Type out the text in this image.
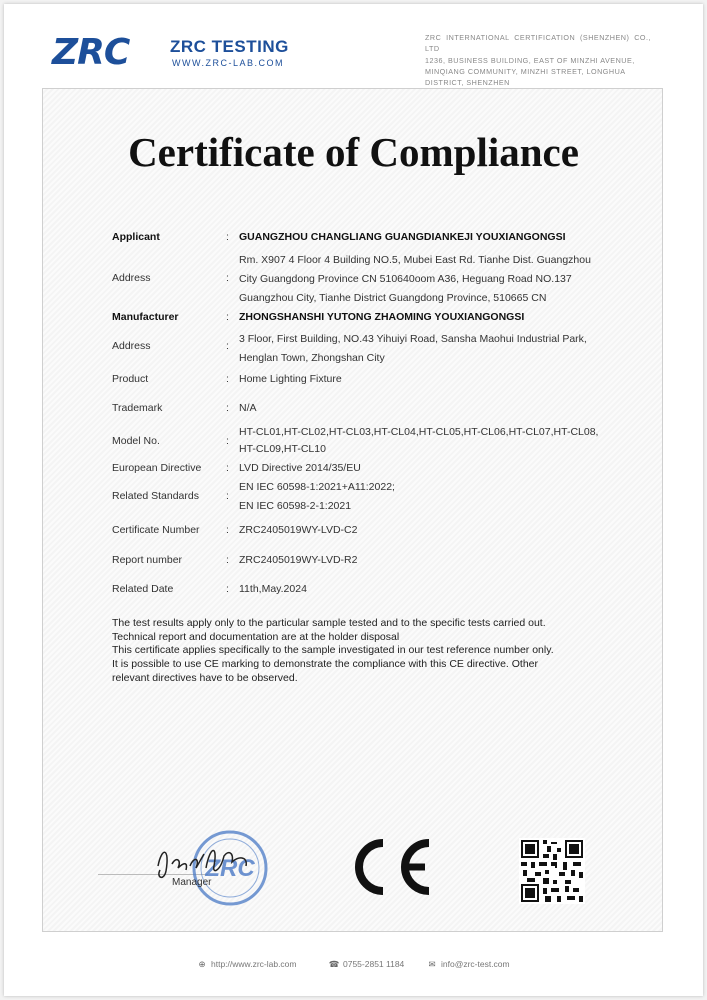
ZRC ZRC TESTING
WWW.ZRC-LAB.COM
ZRC INTERNATIONAL CERTIFICATION (SHENZHEN) CO., LTD
1236, BUSINESS BUILDING, EAST OF MINZHI AVENUE,
MINQIANG COMMUNITY, MINZHI STREET, LONGHUA
DISTRICT, SHENZHEN
Certificate of Compliance
Applicant	: GUANGZHOU CHANGLIANG GUANGDIANKEJI YOUXIANGONGSI
Address	:
Rm. X907 4 Floor 4 Building NO.5, Mubei East Rd. Tianhe Dist. Guangzhou
City Guangdong Province CN 510640oom A36, Heguang Road NO.137
Guangzhou City, Tianhe District Guangdong Province, 510665 CN
Manufacturer	: ZHONGSHANSHI YUTONG ZHAOMING YOUXIANGONGSI
Address	:
3 Floor, First Building, NO.43 Yihuiyi Road, Sansha Maohui Industrial Park,
Henglan Town, Zhongshan City
Product	: Home Lighting Fixture
Trademark	: N/A
Model No.	:
HT-CL01,HT-CL02,HT-CL03,HT-CL04,HT-CL05,HT-CL06,HT-CL07,HT-CL08,
HT-CL09,HT-CL10
European Directive : LVD Directive 2014/35/EU
Related Standards	:
EN IEC 60598-1:2021+A11:2022;
EN IEC 60598-2-1:2021
Certificate Number	: ZRC2405019WY-LVD-C2
Report number	: ZRC2405019WY-LVD-R2
Related Date	: 11th,May.2024
The test results apply only to the particular sample tested and to the specific tests carried out.
Technical report and documentation are at the holder disposal
This certificate applies specifically to the sample investigated in our test reference number only.
It is possible to use CE marking to demonstrate the compliance with this CE directive. Other
relevant directives have to be observed.
ZRC
Manager
⊕ http://www.zrc-lab.com	☎ 0755-2851 1184	✉ info@zrc-test.com
